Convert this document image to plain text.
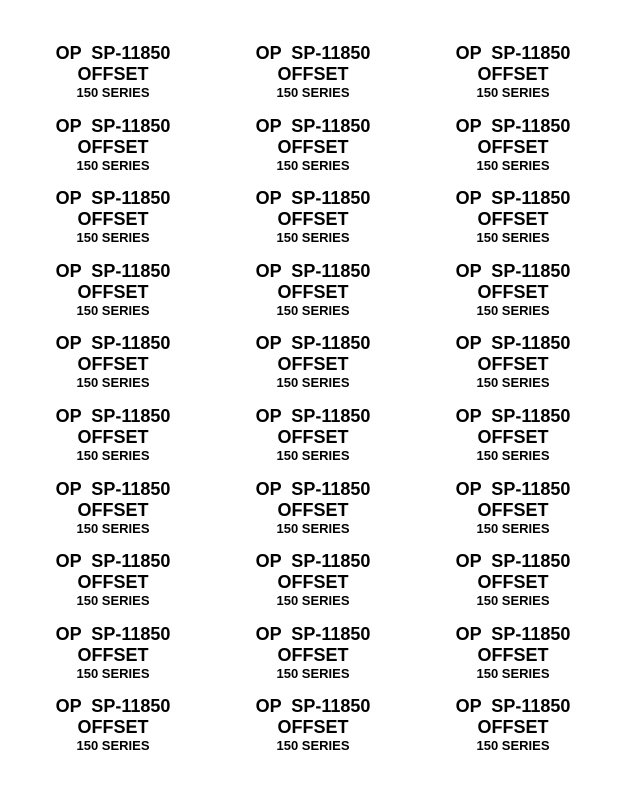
OP  SP-11850
OFFSET
150 SERIES
OP  SP-11850
OFFSET
150 SERIES
OP  SP-11850
OFFSET
150 SERIES
OP  SP-11850
OFFSET
150 SERIES
OP  SP-11850
OFFSET
150 SERIES
OP  SP-11850
OFFSET
150 SERIES
OP  SP-11850
OFFSET
150 SERIES
OP  SP-11850
OFFSET
150 SERIES
OP  SP-11850
OFFSET
150 SERIES
OP  SP-11850
OFFSET
150 SERIES
OP  SP-11850
OFFSET
150 SERIES
OP  SP-11850
OFFSET
150 SERIES
OP  SP-11850
OFFSET
150 SERIES
OP  SP-11850
OFFSET
150 SERIES
OP  SP-11850
OFFSET
150 SERIES
OP  SP-11850
OFFSET
150 SERIES
OP  SP-11850
OFFSET
150 SERIES
OP  SP-11850
OFFSET
150 SERIES
OP  SP-11850
OFFSET
150 SERIES
OP  SP-11850
OFFSET
150 SERIES
OP  SP-11850
OFFSET
150 SERIES
OP  SP-11850
OFFSET
150 SERIES
OP  SP-11850
OFFSET
150 SERIES
OP  SP-11850
OFFSET
150 SERIES
OP  SP-11850
OFFSET
150 SERIES
OP  SP-11850
OFFSET
150 SERIES
OP  SP-11850
OFFSET
150 SERIES
OP  SP-11850
OFFSET
150 SERIES
OP  SP-11850
OFFSET
150 SERIES
OP  SP-11850
OFFSET
150 SERIES
